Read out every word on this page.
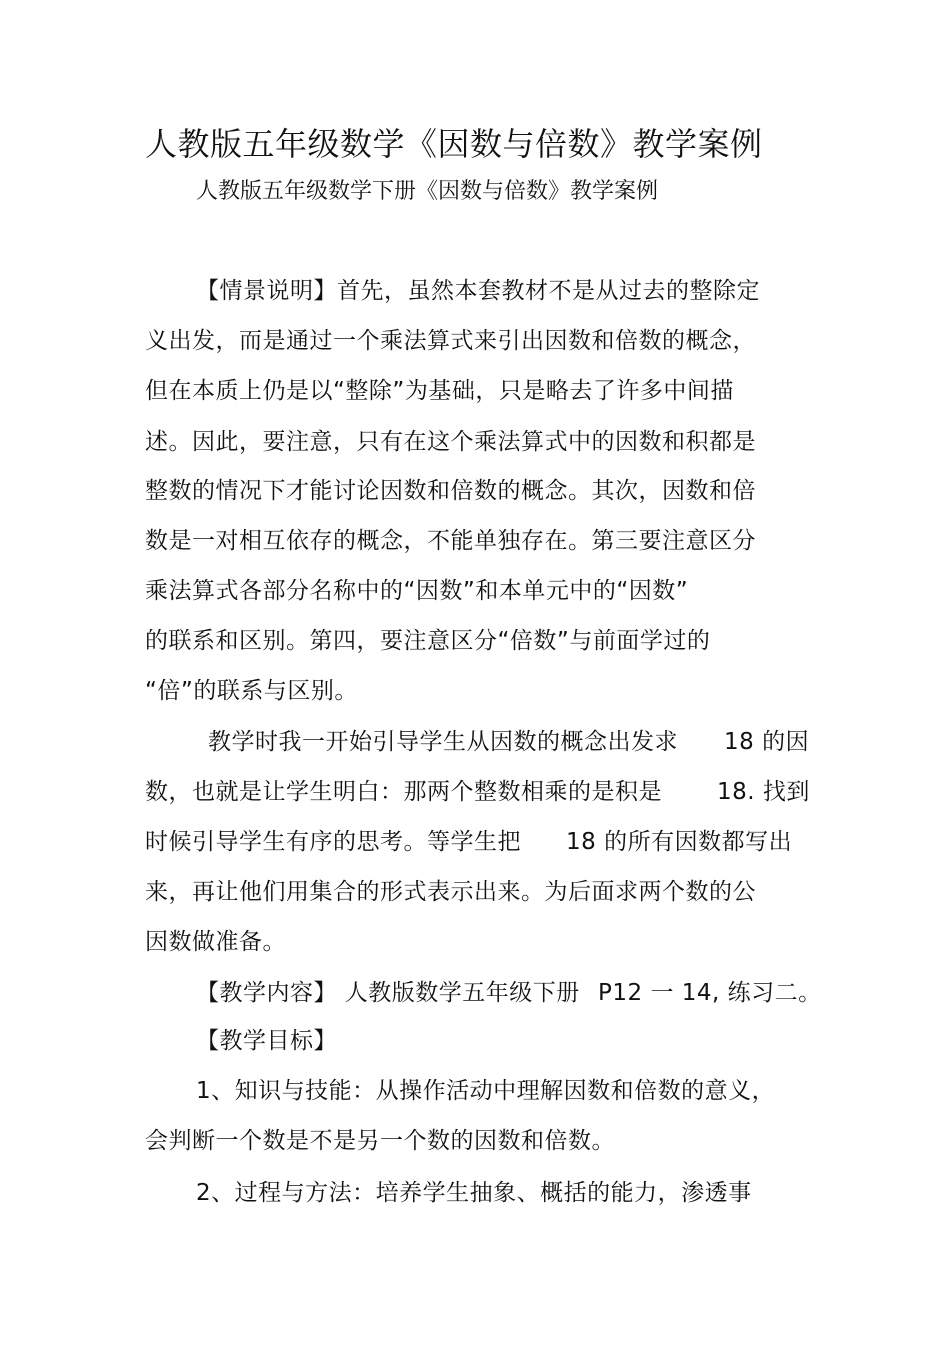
人教版五年级数学《因数与倍数》教学案例
人教版五年级数学下册《因数与倍数》教学案例
【情景说明】首先，虽然本套教材不是从过去的整除定
义出发，而是通过一个乘法算式来引出因数和倍数的概念，
但在本质上仍是以“整除”为基础，只是略去了许多中间描
述。因此，要注意，只有在这个乘法算式中的因数和积都是
整数的情况下才能讨论因数和倍数的概念。其次，因数和倍
数是一对相互依存的概念，不能单独存在。第三要注意区分
乘法算式各部分名称中的“因数”和本单元中的“因数”
的联系和区别。第四，要注意区分“倍数”与前面学过的
“倍”的联系与区别。
教学时我一开始引导学生从因数的概念出发求 18 的因
数，也就是让学生明白：那两个整数相乘的是积是 18. 找到
时候引导学生有序的思考。等学生把 18 的所有因数都写出
来，再让他们用集合的形式表示出来。为后面求两个数的公
因数做准备。
【教学内容】 人教版数学五年级下册 P12 一 14, 练习二。
【教学目标】
1、知识与技能：从操作活动中理解因数和倍数的意义，
会判断一个数是不是另一个数的因数和倍数。
2、过程与方法：培养学生抽象、概括的能力，渗透事
